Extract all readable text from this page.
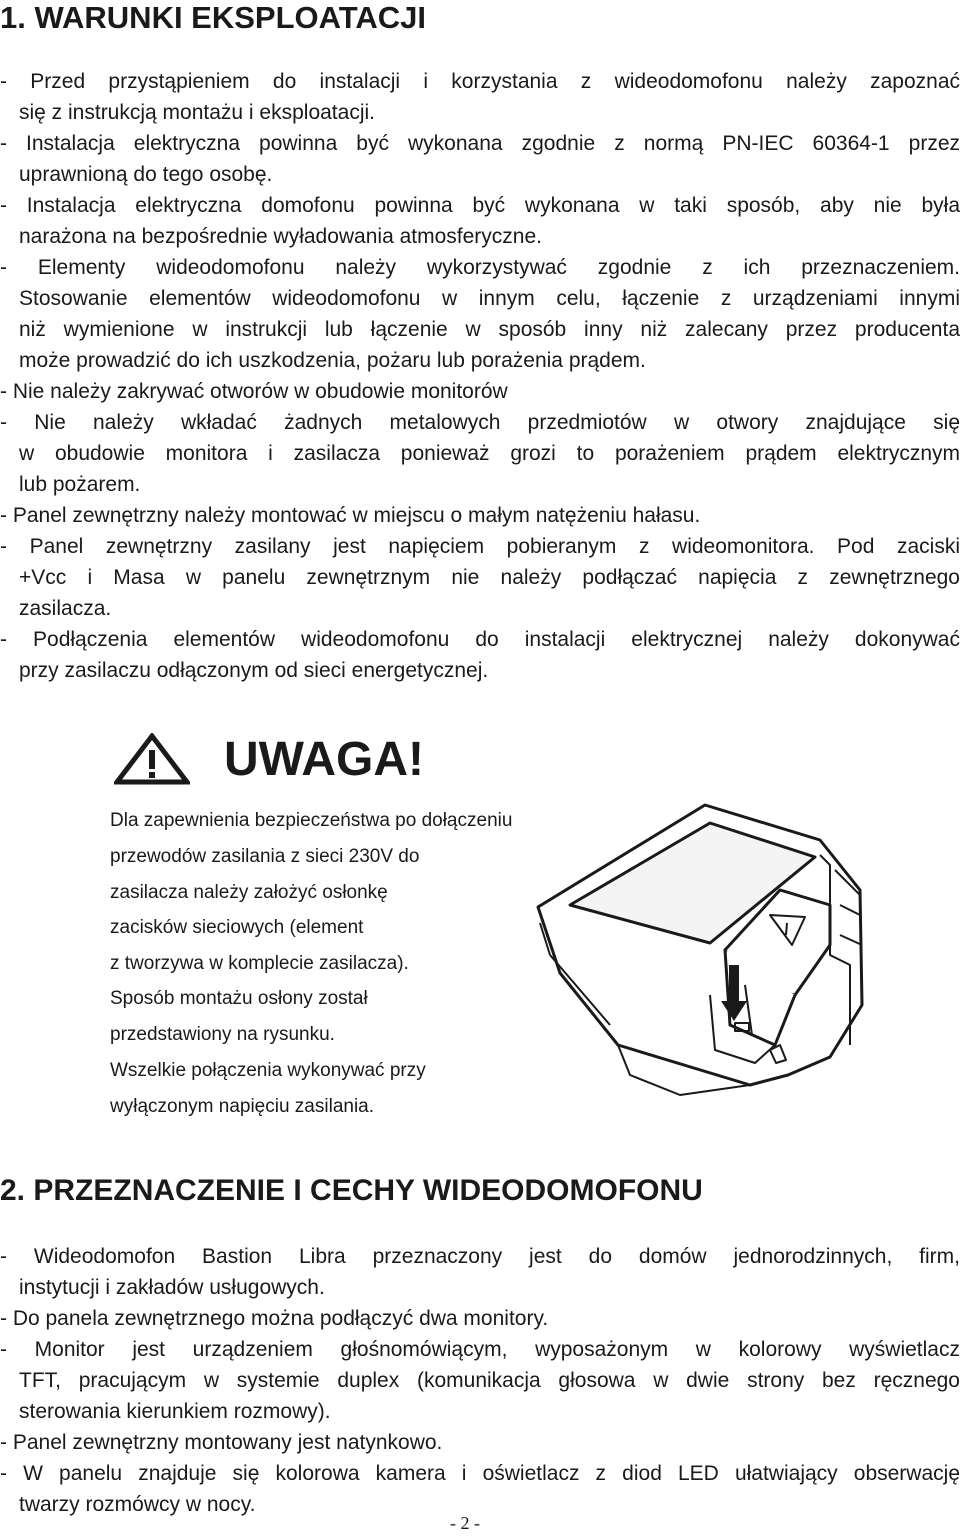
1. WARUNKI EKSPLOATACJI

- Przed przystąpieniem do instalacji i korzystania z wideodomofonu należy zapoznać

się z instrukcją montażu i eksploatacji.

- Instalacja elektryczna powinna być wykonana zgodnie z normą PN-IEC 60364-1 przez

uprawnioną do tego osobę.

- Instalacja elektryczna domofonu powinna być wykonana w taki sposób, aby nie była

narażona na bezpośrednie wyładowania atmosferyczne.

- Elementy wideodomofonu należy wykorzystywać zgodnie z ich przeznaczeniem.

Stosowanie elementów wideodomofonu w innym celu, łączenie z urządzeniami innymi

niż wymienione w instrukcji lub łączenie w sposób inny niż zalecany przez producenta

może prowadzić do ich uszkodzenia, pożaru lub porażenia prądem.

- Nie należy zakrywać otworów w obudowie monitorów

- Nie należy wkładać żadnych metalowych przedmiotów w otwory znajdujące się

w obudowie monitora i zasilacza ponieważ grozi to porażeniem prądem elektrycznym

lub pożarem.

- Panel zewnętrzny należy montować w miejscu o małym natężeniu hałasu.

- Panel zewnętrzny zasilany jest napięciem pobieranym z wideomonitora. Pod zaciski

+Vcc i Masa w panelu zewnętrznym nie należy podłączać napięcia z zewnętrznego

zasilacza.

- Podłączenia elementów wideodomofonu do instalacji elektrycznej należy dokonywać

przy zasilaczu odłączonym od sieci energetycznej.

UWAGA!
Dla zapewnienia bezpieczeństwa po dołączeniu
przewodów zasilania z sieci 230V do
zasilacza należy założyć osłonkę
zacisków sieciowych (element
z tworzywa w komplecie zasilacza).
Sposób montażu osłony został
przedstawiony na rysunku.
Wszelkie połączenia wykonywać przy
wyłączonym napięciu zasilania.
2. PRZEZNACZENIE I CECHY WIDEODOMOFONU

- Wideodomofon Bastion Libra przeznaczony jest do domów jednorodzinnych, firm,

instytucji i zakładów usługowych.

- Do panela zewnętrznego można podłączyć dwa monitory.

- Monitor jest urządzeniem głośnomówiącym, wyposażonym w kolorowy wyświetlacz

TFT, pracującym w systemie duplex (komunikacja głosowa w dwie strony bez ręcznego

sterowania kierunkiem rozmowy).

- Panel zewnętrzny montowany jest natynkowo.

- W panelu znajduje się kolorowa kamera i oświetlacz z diod LED ułatwiający obserwację

twarzy rozmówcy w nocy.

- 2 -
